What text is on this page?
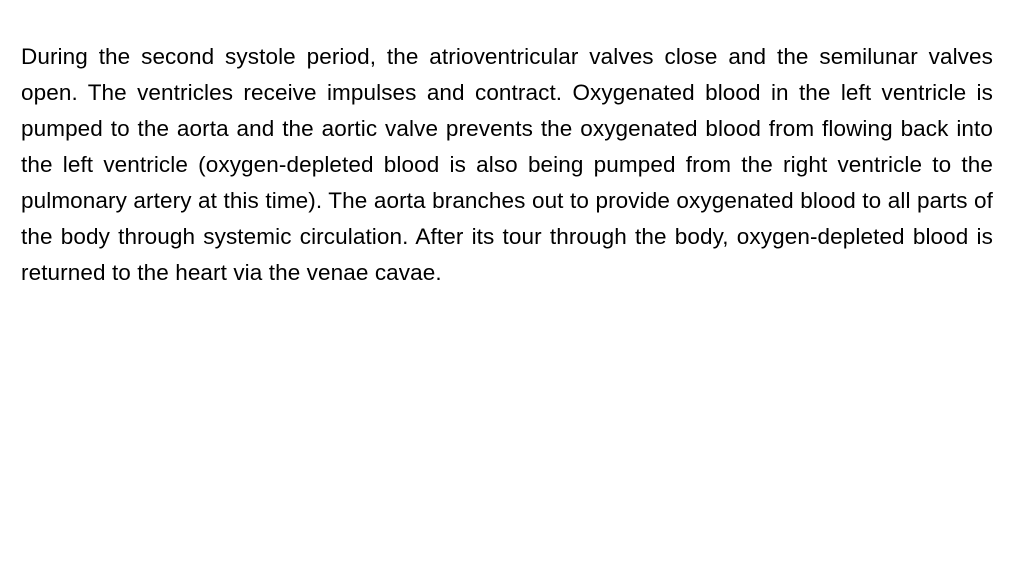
During the second systole period, the atrioventricular valves close and the semilunar valves open. The ventricles receive impulses and contract. Oxygenated blood in the left ventricle is pumped to the aorta and the aortic valve prevents the oxygenated blood from flowing back into the left ventricle (oxygen-depleted blood is also being pumped from the right ventricle to the pulmonary artery at this time). The aorta branches out to provide oxygenated blood to all parts of the body through systemic circulation. After its tour through the body, oxygen-depleted blood is returned to the heart via the venae cavae.
